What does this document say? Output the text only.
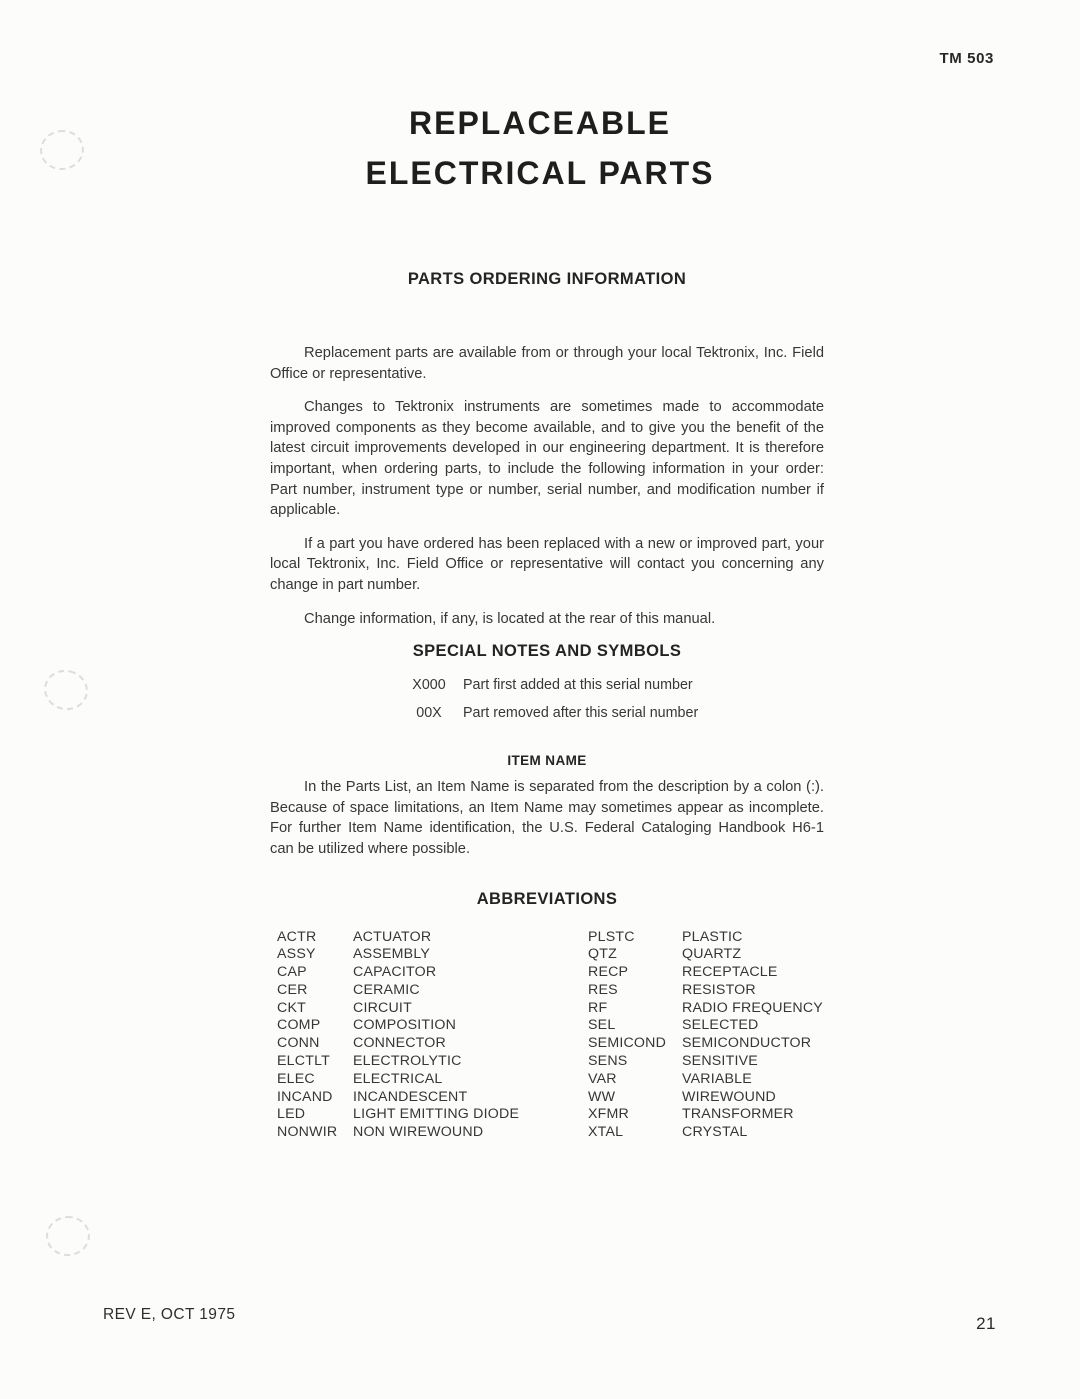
TM 503
REPLACEABLE
ELECTRICAL PARTS
PARTS ORDERING INFORMATION

Replacement parts are available from or through your local Tektronix, Inc. Field Office or representative.

Changes to Tektronix instruments are sometimes made to accommodate improved components as they become available, and to give you the benefit of the latest circuit improvements developed in our engineering department. It is therefore important, when ordering parts, to include the following information in your order: Part number, instrument type or number, serial number, and modification number if applicable.

If a part you have ordered has been replaced with a new or improved part, your local Tektronix, Inc. Field Office or representative will contact you concerning any change in part number.

Change information, if any, is located at the rear of this manual.

SPECIAL NOTES AND SYMBOLS
X000	Part first added at this serial number
00X	Part removed after this serial number
ITEM NAME

In the Parts List, an Item Name is separated from the description by a colon (:). Because of space limitations, an Item Name may sometimes appear as incomplete. For further Item Name identification, the U.S. Federal Cataloging Handbook H6-1 can be utilized where possible.

ABBREVIATIONS
ACTR	ACTUATOR	PLSTC	PLASTIC
ASSY	ASSEMBLY	QTZ	QUARTZ
CAP	CAPACITOR	RECP	RECEPTACLE
CER	CERAMIC	RES	RESISTOR
CKT	CIRCUIT	RF	RADIO FREQUENCY
COMP	COMPOSITION	SEL	SELECTED
CONN	CONNECTOR	SEMICOND	SEMICONDUCTOR
ELCTLT	ELECTROLYTIC	SENS	SENSITIVE
ELEC	ELECTRICAL	VAR	VARIABLE
INCAND	INCANDESCENT	WW	WIREWOUND
LED	LIGHT EMITTING DIODE	XFMR	TRANSFORMER
NONWIR	NON WIREWOUND	XTAL	CRYSTAL
REV E, OCT 1975	21
